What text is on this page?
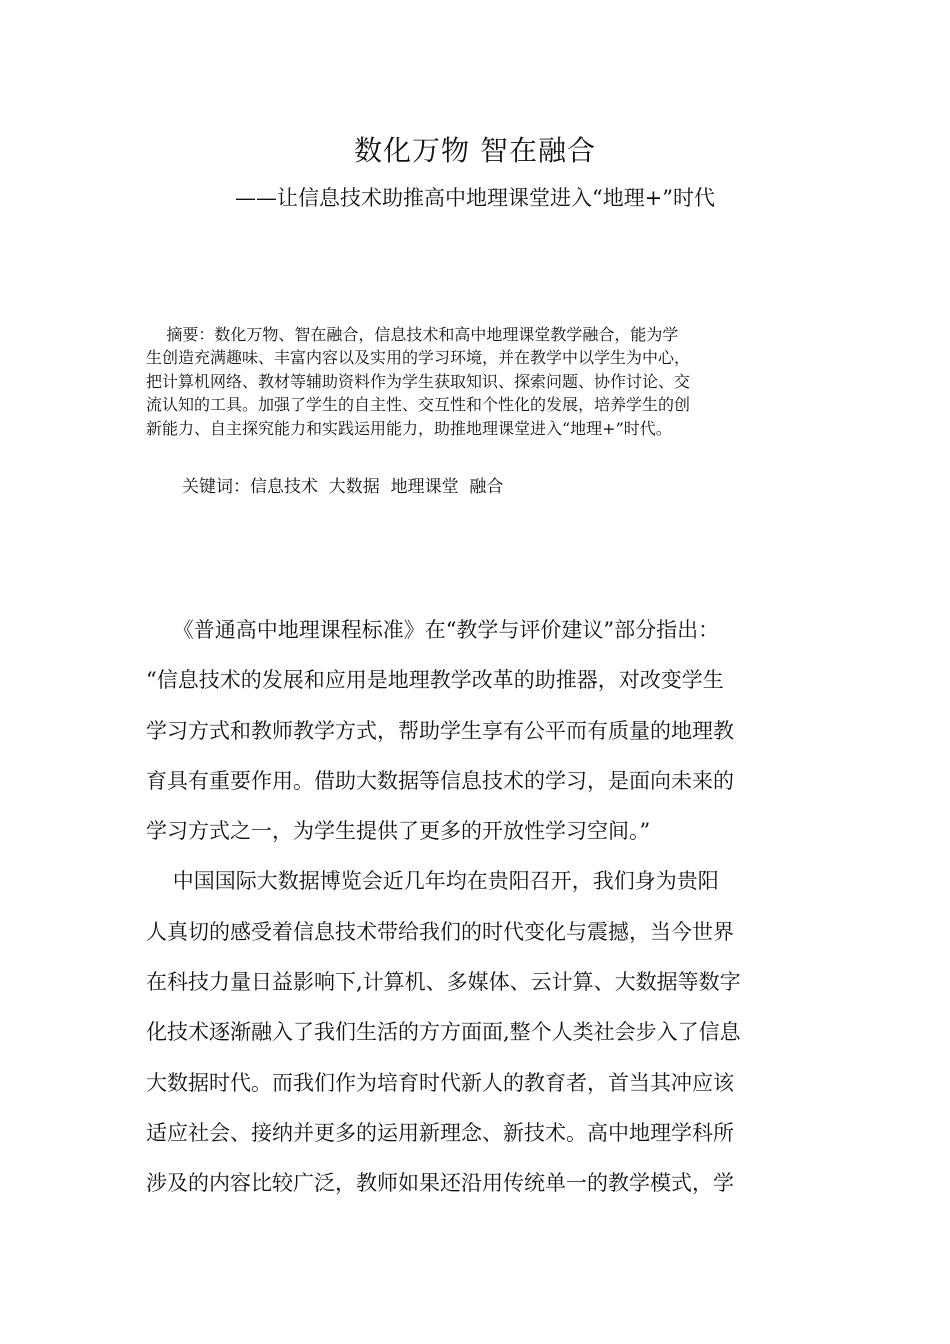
数化万物 智在融合
——让信息技术助推高中地理课堂进入“地理+”时代
摘要：数化万物、智在融合，信息技术和高中地理课堂教学融合，能为学
生创造充满趣味、丰富内容以及实用的学习环境，并在教学中以学生为中心，
把计算机网络、教材等辅助资料作为学生获取知识、探索问题、协作讨论、交
流认知的工具。加强了学生的自主性、交互性和个性化的发展，培养学生的创
新能力、自主探究能力和实践运用能力，助推地理课堂进入“地理+”时代。
关键词：信息技术  大数据  地理课堂  融合
《普通高中地理课程标准》在“教学与评价建议”部分指出：
“信息技术的发展和应用是地理教学改革的助推器，对改变学生
学习方式和教师教学方式，帮助学生享有公平而有质量的地理教
育具有重要作用。借助大数据等信息技术的学习，是面向未来的
学习方式之一，为学生提供了更多的开放性学习空间。”
中国国际大数据博览会近几年均在贵阳召开，我们身为贵阳
人真切的感受着信息技术带给我们的时代变化与震撼，当今世界
在科技力量日益影响下,计算机、多媒体、云计算、大数据等数字
化技术逐渐融入了我们生活的方方面面,整个人类社会步入了信息
大数据时代。而我们作为培育时代新人的教育者，首当其冲应该
适应社会、接纳并更多的运用新理念、新技术。高中地理学科所
涉及的内容比较广泛，教师如果还沿用传统单一的教学模式，学
